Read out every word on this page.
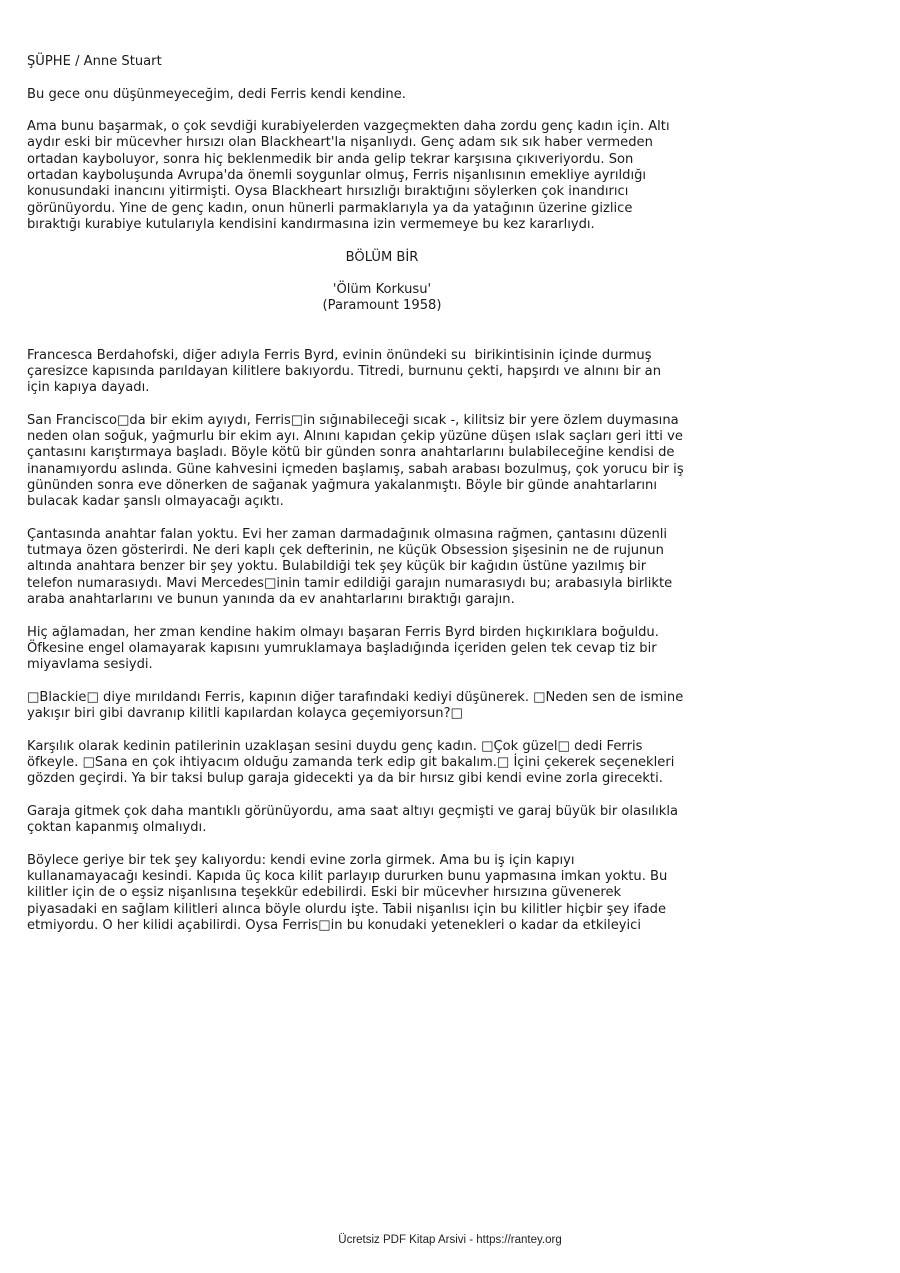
ŞÜPHE / Anne Stuart

Bu gece onu düşünmeyeceğim, dedi Ferris kendi kendine.

Ama bunu başarmak, o çok sevdiği kurabiyelerden vazgeçmekten daha zordu genç kadın için. Altı

aydır eski bir mücevher hırsızı olan Blackheart'la nişanlıydı. Genç adam sık sık haber vermeden

ortadan kayboluyor, sonra hiç beklenmedik bir anda gelip tekrar karşısına çıkıveriyordu. Son

ortadan kayboluşunda Avrupa'da önemli soygunlar olmuş, Ferris nişanlısının emekliye ayrıldığı

konusundaki inancını yitirmişti. Oysa Blackheart hırsızlığı bıraktığını söylerken çok inandırıcı

görünüyordu. Yine de genç kadın, onun hünerli parmaklarıyla ya da yatağının üzerine gizlice

bıraktığı kurabiye kutularıyla kendisini kandırmasına izin vermemeye bu kez kararlıydı.

BÖLÜM BİR

'Ölüm Korkusu'

(Paramount 1958)

Francesca Berdahofski, diğer adıyla Ferris Byrd, evinin önündeki su  birikintisinin içinde durmuş

çaresizce kapısında parıldayan kilitlere bakıyordu. Titredi, burnunu çekti, hapşırdı ve alnını bir an

için kapıya dayadı.

San Francisco□da bir ekim ayıydı, Ferris□in sığınabileceği sıcak -, kilitsiz bir yere özlem duymasına

neden olan soğuk, yağmurlu bir ekim ayı. Alnını kapıdan çekip yüzüne düşen ıslak saçları geri itti ve

çantasını karıştırmaya başladı. Böyle kötü bir günden sonra anahtarlarını bulabileceğine kendisi de

inanamıyordu aslında. Güne kahvesini içmeden başlamış, sabah arabası bozulmuş, çok yorucu bir iş

gününden sonra eve dönerken de sağanak yağmura yakalanmıştı. Böyle bir günde anahtarlarını

bulacak kadar şanslı olmayacağı açıktı.

Çantasında anahtar falan yoktu. Evi her zaman darmadağınık olmasına rağmen, çantasını düzenli

tutmaya özen gösterirdi. Ne deri kaplı çek defterinin, ne küçük Obsession şişesinin ne de rujunun

altında anahtara benzer bir şey yoktu. Bulabildiği tek şey küçük bir kağıdın üstüne yazılmış bir

telefon numarasıydı. Mavi Mercedes□inin tamir edildiği garajın numarasıydı bu; arabasıyla birlikte

araba anahtarlarını ve bunun yanında da ev anahtarlarını bıraktığı garajın.

Hiç ağlamadan, her zman kendine hakim olmayı başaran Ferris Byrd birden hıçkırıklara boğuldu.

Öfkesine engel olamayarak kapısını yumruklamaya başladığında içeriden gelen tek cevap tiz bir

miyavlama sesiydi.

□Blackie□ diye mırıldandı Ferris, kapının diğer tarafındaki kediyi düşünerek. □Neden sen de ismine

yakışır biri gibi davranıp kilitli kapılardan kolayca geçemiyorsun?□

Karşılık olarak kedinin patilerinin uzaklaşan sesini duydu genç kadın. □Çok güzel□ dedi Ferris

öfkeyle. □Sana en çok ihtiyacım olduğu zamanda terk edip git bakalım.□ İçini çekerek seçenekleri

gözden geçirdi. Ya bir taksi bulup garaja gidecekti ya da bir hırsız gibi kendi evine zorla girecekti.

Garaja gitmek çok daha mantıklı görünüyordu, ama saat altıyı geçmişti ve garaj büyük bir olasılıkla

çoktan kapanmış olmalıydı.

Böylece geriye bir tek şey kalıyordu: kendi evine zorla girmek. Ama bu iş için kapıyı

kullanamayacağı kesindi. Kapıda üç koca kilit parlayıp dururken bunu yapmasına imkan yoktu. Bu

kilitler için de o eşsiz nişanlısına teşekkür edebilirdi. Eski bir mücevher hırsızına güvenerek

piyasadaki en sağlam kilitleri alınca böyle olurdu işte. Tabii nişanlısı için bu kilitler hiçbir şey ifade

etmiyordu. O her kilidi açabilirdi. Oysa Ferris□in bu konudaki yetenekleri o kadar da etkileyici

Ücretsiz PDF Kitap Arsivi - https://rantey.org
